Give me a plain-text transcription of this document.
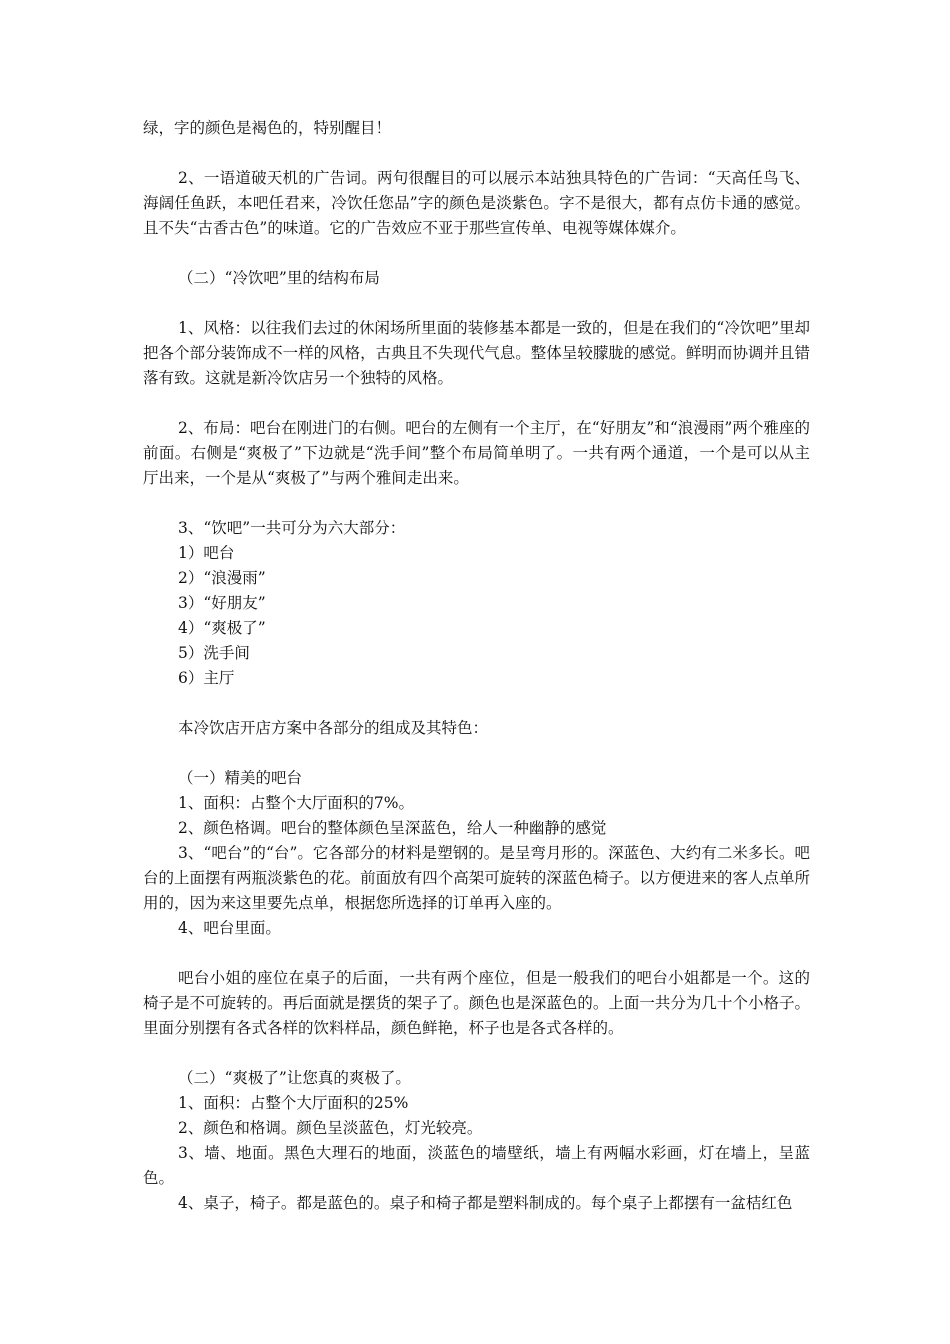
绿，字的颜色是褐色的，特别醒目！

2、一语道破天机的广告词。两句很醒目的可以展示本站独具特色的广告词：“天高任鸟飞、海阔任鱼跃，本吧任君来，冷饮任您品”字的颜色是淡紫色。字不是很大，都有点仿卡通的感觉。且不失“古香古色”的味道。它的广告效应不亚于那些宣传单、电视等媒体媒介。

（二）“冷饮吧”里的结构布局

1、风格：以往我们去过的休闲场所里面的装修基本都是一致的，但是在我们的“冷饮吧”里却把各个部分装饰成不一样的风格，古典且不失现代气息。整体呈较朦胧的感觉。鲜明而协调并且错落有致。这就是新冷饮店另一个独特的风格。

2、布局：吧台在刚进门的右侧。吧台的左侧有一个主厅，在“好朋友”和“浪漫雨”两个雅座的前面。右侧是“爽极了”下边就是“洗手间”整个布局简单明了。一共有两个通道，一个是可以从主厅出来，一个是从“爽极了”与两个雅间走出来。

3、“饮吧”一共可分为六大部分：

1）吧台

2）“浪漫雨”

3）“好朋友”

4）“爽极了”

5）洗手间

6）主厅

本冷饮店开店方案中各部分的组成及其特色：

（一）精美的吧台

1、面积：占整个大厅面积的7%。

2、颜色格调。吧台的整体颜色呈深蓝色，给人一种幽静的感觉

3、“吧台”的“台”。它各部分的材料是塑钢的。是呈弯月形的。深蓝色、大约有二米多长。吧台的上面摆有两瓶淡紫色的花。前面放有四个高架可旋转的深蓝色椅子。以方便进来的客人点单所用的，因为来这里要先点单，根据您所选择的订单再入座的。

4、吧台里面。

吧台小姐的座位在桌子的后面，一共有两个座位，但是一般我们的吧台小姐都是一个。这的椅子是不可旋转的。再后面就是摆货的架子了。颜色也是深蓝色的。上面一共分为几十个小格子。里面分别摆有各式各样的饮料样品，颜色鲜艳，杯子也是各式各样的。

（二）“爽极了”让您真的爽极了。

1、面积：占整个大厅面积的25%

2、颜色和格调。颜色呈淡蓝色，灯光较亮。

3、墙、地面。黑色大理石的地面，淡蓝色的墙壁纸，墙上有两幅水彩画，灯在墙上，呈蓝色。

4、桌子，椅子。都是蓝色的。桌子和椅子都是塑料制成的。每个桌子上都摆有一盆桔红色
